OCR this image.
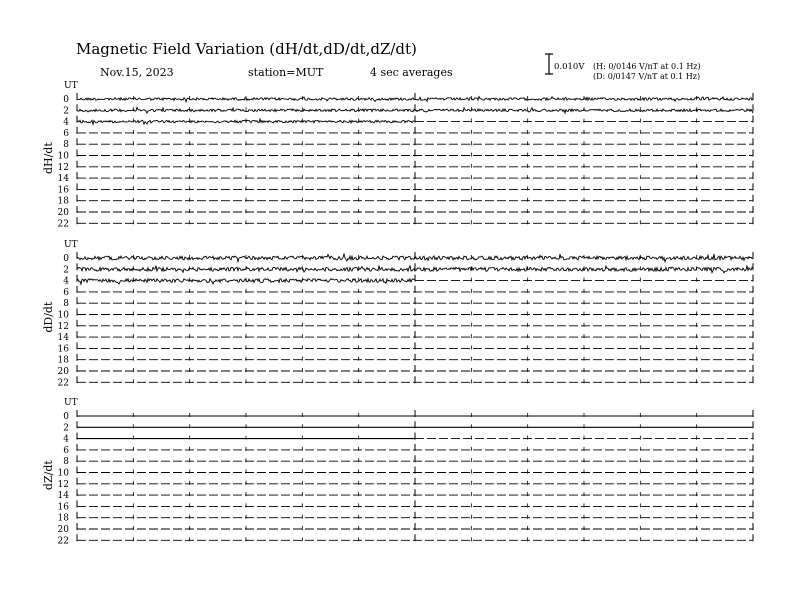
Magnetic Field Variation (dH/dt,dD/dt,dZ/dt)
Nov.15, 2023	station=MUT	4 sec averages	0.010V (H: 0/0146 V/nT at 0.1 Hz)
(D: 0/0147 V/nT at 0.1 Hz)
UT
dH/dt
0
2
4
6
8
10
12
14
16
18
20
22
UT
dD/dt
0
2
4
6
8
10
12
14
16
18
20
22
UT
dZ/dt
0
2
4
6
8
10
12
14
16
18
20
22
